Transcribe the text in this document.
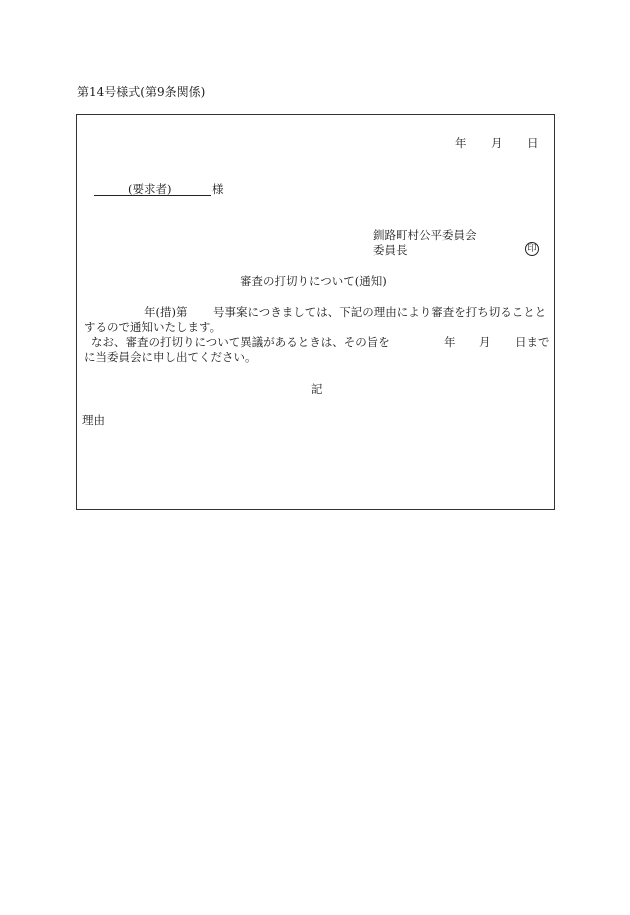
第14号様式(第9条関係)
年 月 日
(要求者)	様
釧路町村公平委員会
委員長	印
審査の打切りについて(通知)
年(措)第 号事案につきましては、下記の理由により審査を打ち切ることと
するので通知いたします。
なお、審査の打切りについて異議があるときは、その旨を	年 月 日まで
に当委員会に申し出てください。
記
理由
